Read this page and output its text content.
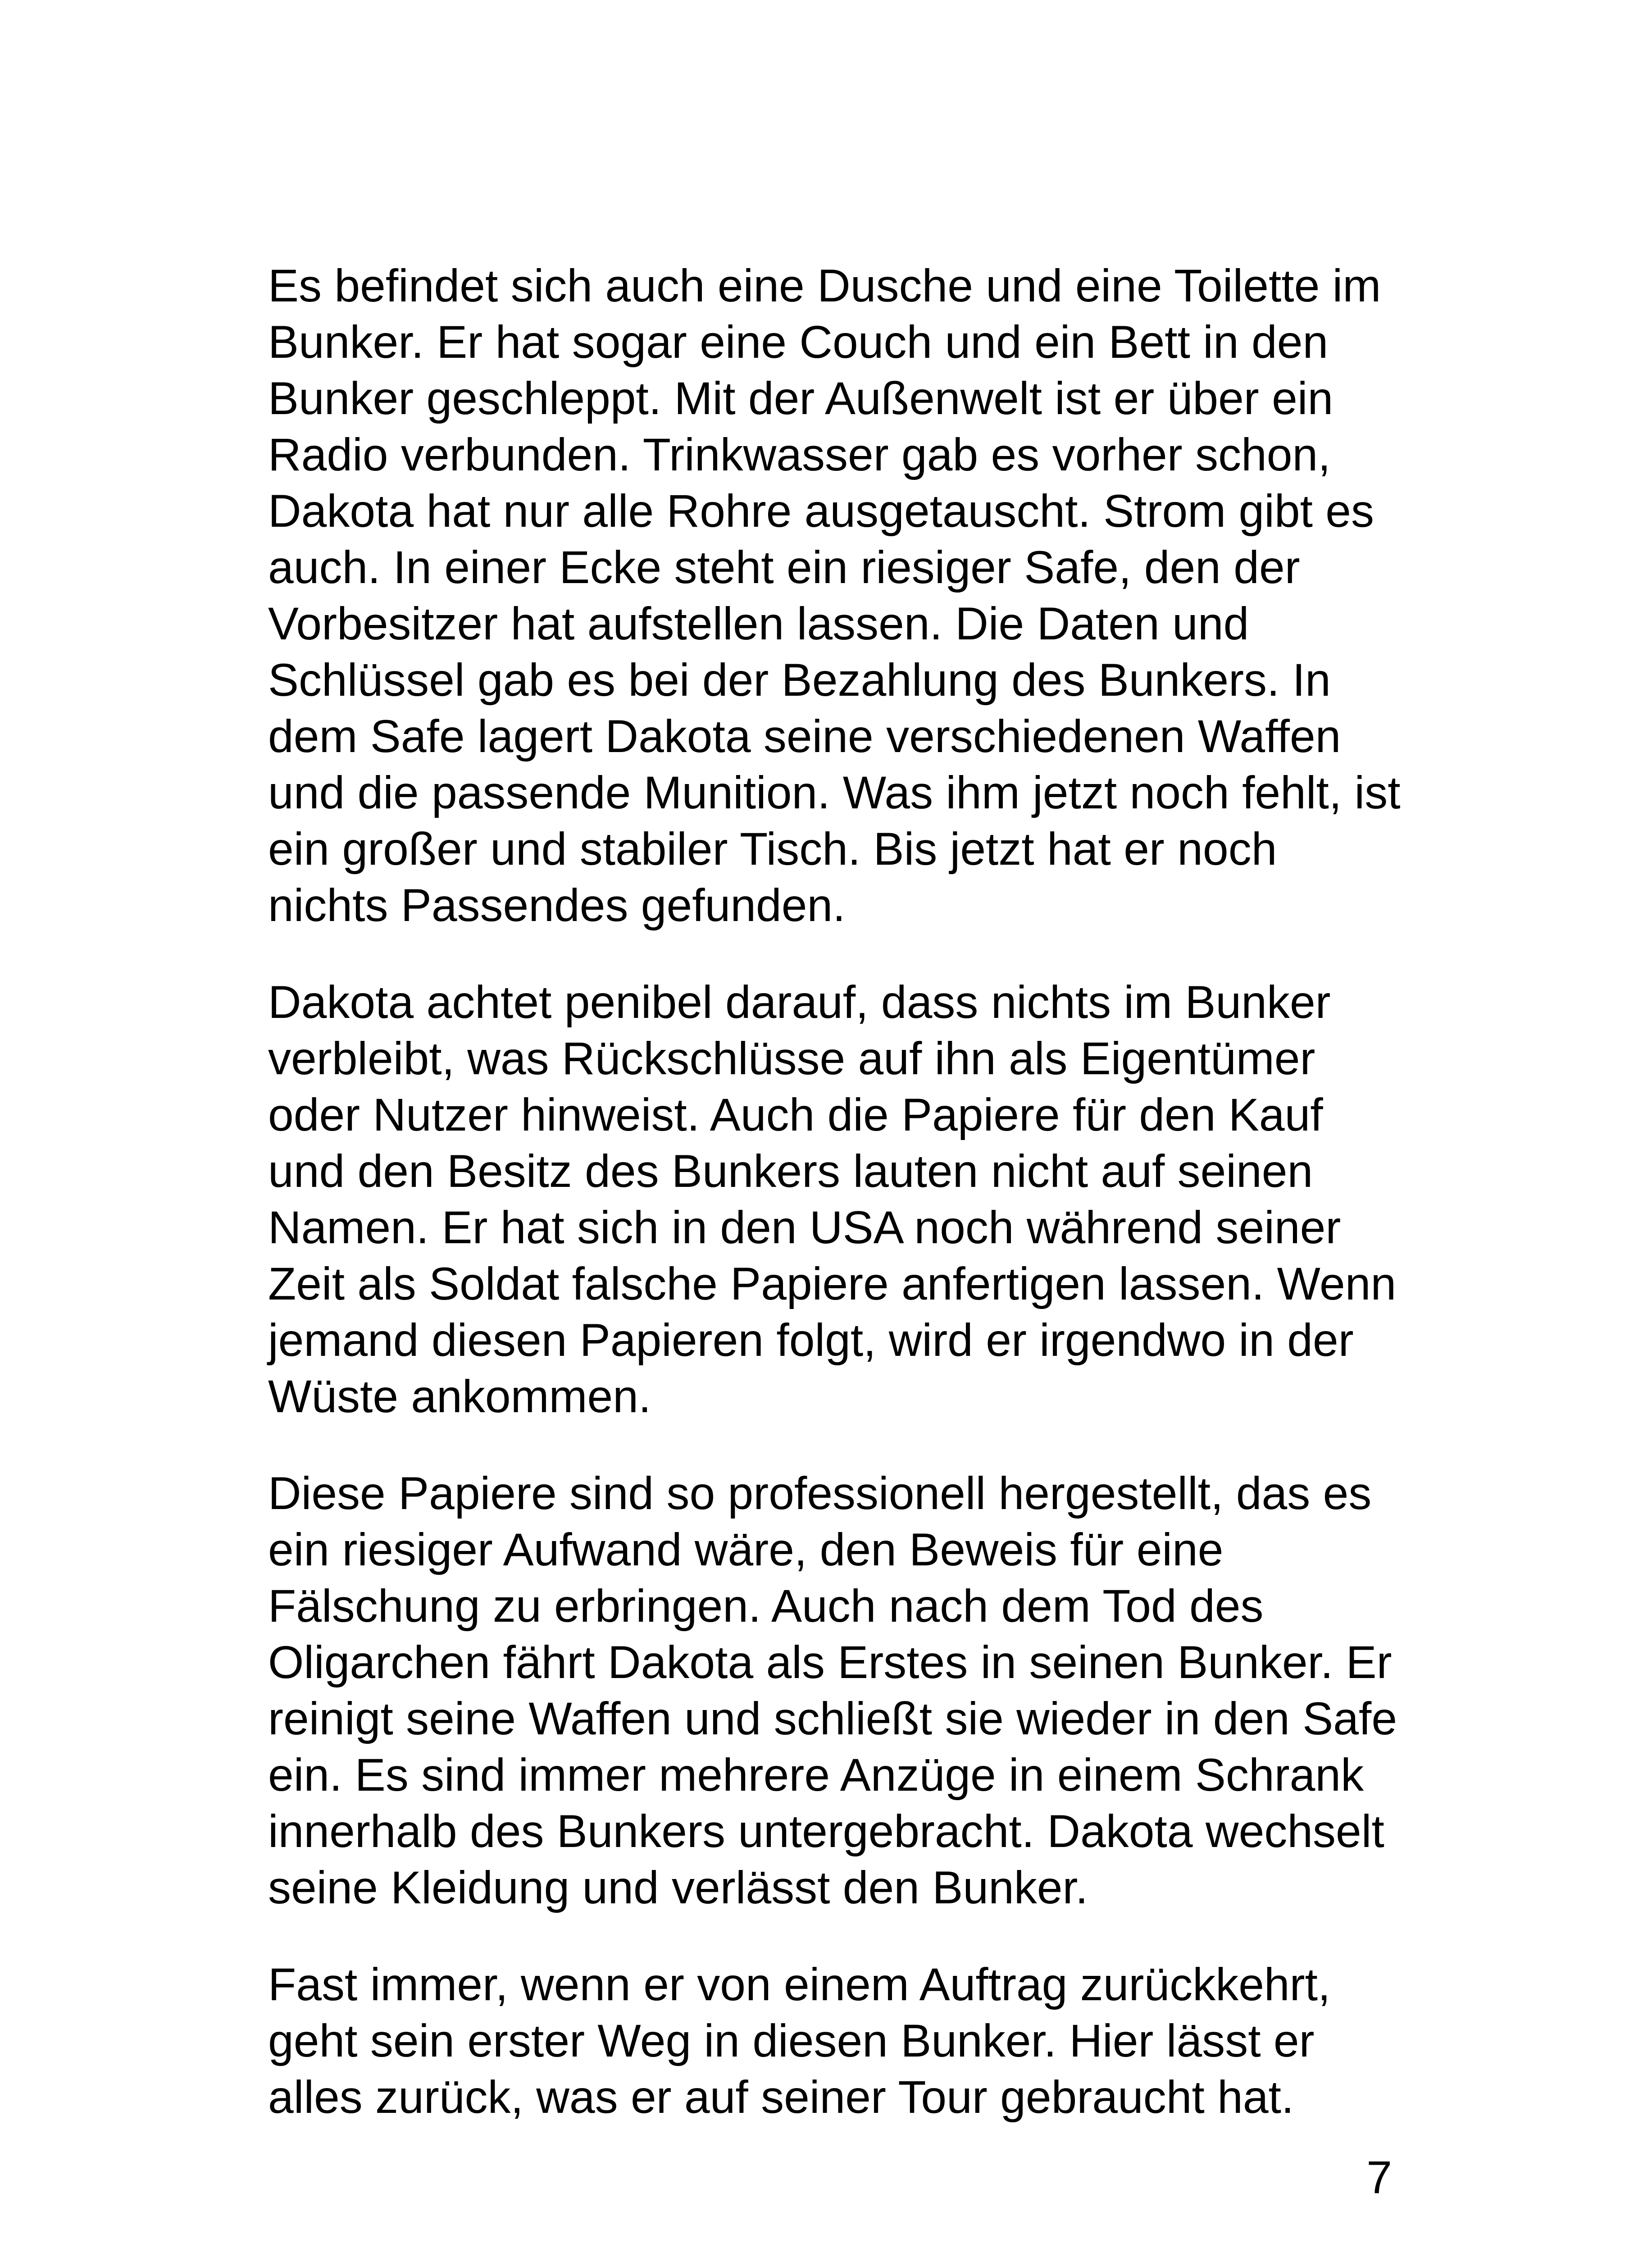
Es befindet sich auch eine Dusche und eine Toilette im
Bunker. Er hat sogar eine Couch und ein Bett in den
Bunker geschleppt. Mit der Außenwelt ist er über ein
Radio verbunden. Trinkwasser gab es vorher schon,
Dakota hat nur alle Rohre ausgetauscht. Strom gibt es
auch. In einer Ecke steht ein riesiger Safe, den der
Vorbesitzer hat aufstellen lassen. Die Daten und
Schlüssel gab es bei der Bezahlung des Bunkers. In
dem Safe lagert Dakota seine verschiedenen Waffen
und die passende Munition. Was ihm jetzt noch fehlt, ist
ein großer und stabiler Tisch. Bis jetzt hat er noch
nichts Passendes gefunden.

Dakota achtet penibel darauf, dass nichts im Bunker
verbleibt, was Rückschlüsse auf ihn als Eigentümer
oder Nutzer hinweist. Auch die Papiere für den Kauf
und den Besitz des Bunkers lauten nicht auf seinen
Namen. Er hat sich in den USA noch während seiner
Zeit als Soldat falsche Papiere anfertigen lassen. Wenn
jemand diesen Papieren folgt, wird er irgendwo in der
Wüste ankommen.

Diese Papiere sind so professionell hergestellt, das es
ein riesiger Aufwand wäre, den Beweis für eine
Fälschung zu erbringen. Auch nach dem Tod des
Oligarchen fährt Dakota als Erstes in seinen Bunker. Er
reinigt seine Waffen und schließt sie wieder in den Safe
ein. Es sind immer mehrere Anzüge in einem Schrank
innerhalb des Bunkers untergebracht. Dakota wechselt
seine Kleidung und verlässt den Bunker.

Fast immer, wenn er von einem Auftrag zurückkehrt,
geht sein erster Weg in diesen Bunker. Hier lässt er
alles zurück, was er auf seiner Tour gebraucht hat.

7
